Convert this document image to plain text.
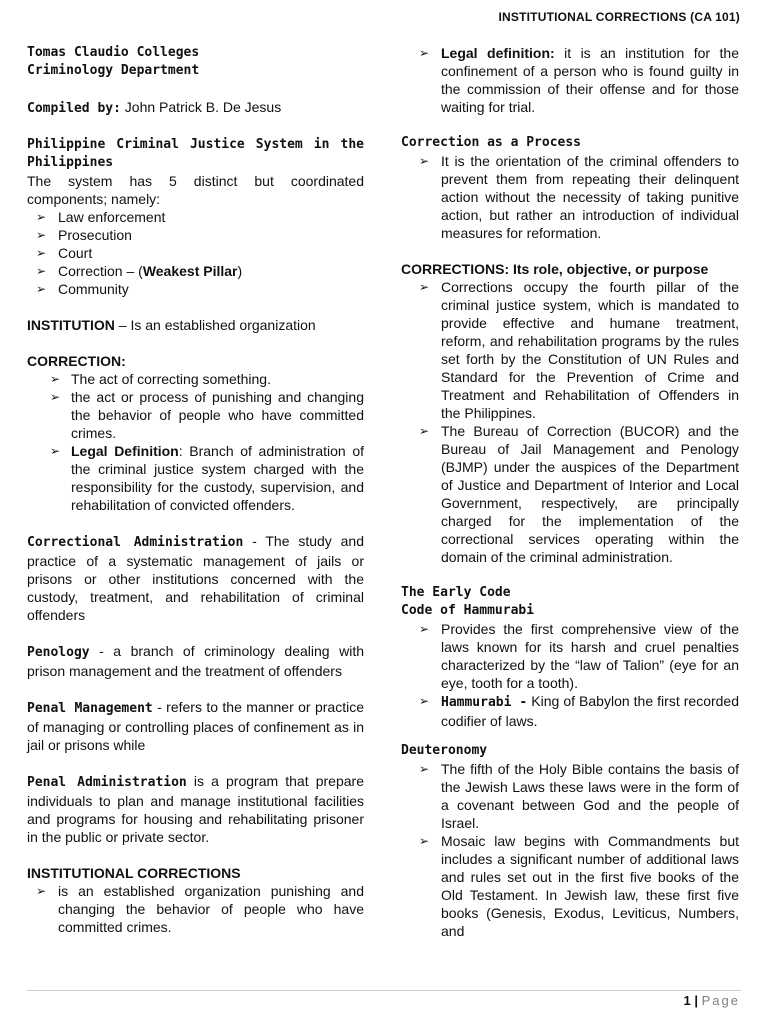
INSTITUTIONAL CORRECTIONS (CA 101)

Tomas Claudio Colleges

Criminology Department

Compiled by: John Patrick B. De Jesus

Philippine Criminal Justice System in the Philippines

The system has 5 distinct but coordinated components; namely:

➢ Law enforcement
➢ Prosecution
➢ Court
➢ Correction – (Weakest Pillar)
➢ Community

INSTITUTION – Is an established organization

CORRECTION:

➢ The act of correcting something.
➢ the act or process of punishing and changing the behavior of people who have committed crimes.
➢ Legal Definition: Branch of administration of the criminal justice system charged with the responsibility for the custody, supervision, and rehabilitation of convicted offenders.

Correctional Administration - The study and practice of a systematic management of jails or prisons or other institutions concerned with the custody, treatment, and rehabilitation of criminal offenders

Penology - a branch of criminology dealing with prison management and the treatment of offenders

Penal Management - refers to the manner or practice of managing or controlling places of confinement as in jail or prisons while

Penal Administration is a program that prepare individuals to plan and manage institutional facilities and programs for housing and rehabilitating prisoner in the public or private sector.

INSTITUTIONAL CORRECTIONS

➢ is an established organization punishing and changing the behavior of people who have committed crimes.
➢ Legal definition: it is an institution for the confinement of a person who is found guilty in the commission of their offense and for those waiting for trial.

Correction as a Process

➢ It is the orientation of the criminal offenders to prevent them from repeating their delinquent action without the necessity of taking punitive action, but rather an introduction of individual measures for reformation.

CORRECTIONS: Its role, objective, or purpose

➢ Corrections occupy the fourth pillar of the criminal justice system, which is mandated to provide effective and humane treatment, reform, and rehabilitation programs by the rules set forth by the Constitution of UN Rules and Standard for the Prevention of Crime and Treatment and Rehabilitation of Offenders in the Philippines.
➢ The Bureau of Correction (BUCOR) and the Bureau of Jail Management and Penology (BJMP) under the auspices of the Department of Justice and Department of Interior and Local Government, respectively, are principally charged for the implementation of the correctional services operating within the domain of the criminal administration.

The Early Code

Code of Hammurabi

➢ Provides the first comprehensive view of the laws known for its harsh and cruel penalties characterized by the “law of Talion” (eye for an eye, tooth for a tooth).
➢ Hammurabi - King of Babylon the first recorded codifier of laws.

Deuteronomy

➢ The fifth of the Holy Bible contains the basis of the Jewish Laws these laws were in the form of a covenant between God and the people of Israel.
➢ Mosaic law begins with Commandments but includes a significant number of additional laws and rules set out in the first five books of the Old Testament. In Jewish law, these first five books (Genesis, Exodus, Leviticus, Numbers, and
1 | Page
